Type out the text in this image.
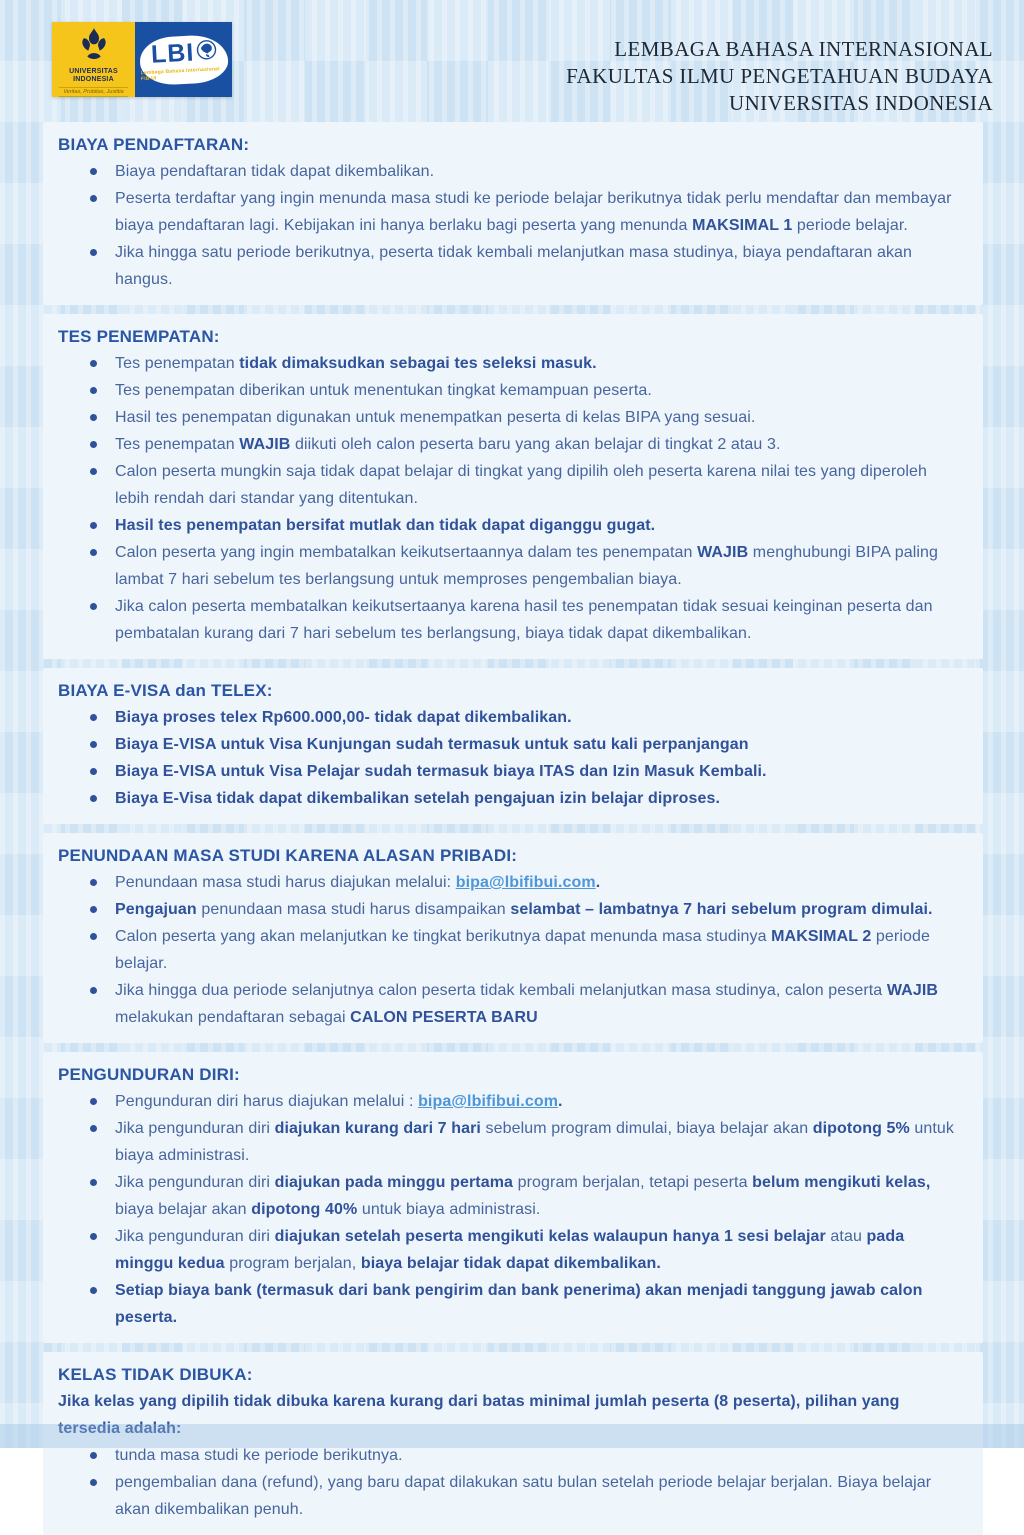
UNIVERSITAS INDONESIA
Veritas, Probitas, Justitia
LBI
Lembaga Bahasa Internasional FIB UI
LEMBAGA BAHASA INTERNASIONAL
FAKULTAS ILMU PENGETAHUAN BUDAYA
UNIVERSITAS INDONESIA
BIAYA PENDAFTARAN:
Biaya pendaftaran tidak dapat dikembalikan.
Peserta terdaftar yang ingin menunda masa studi ke periode belajar berikutnya tidak perlu mendaftar dan membayar biaya pendaftaran lagi. Kebijakan ini hanya berlaku bagi peserta yang menunda MAKSIMAL 1 periode belajar.
Jika hingga satu periode berikutnya, peserta tidak kembali melanjutkan masa studinya, biaya pendaftaran akan hangus.
TES PENEMPATAN:
Tes penempatan tidak dimaksudkan sebagai tes seleksi masuk.
Tes penempatan diberikan untuk menentukan tingkat kemampuan peserta.
Hasil tes penempatan digunakan untuk menempatkan peserta di kelas BIPA yang sesuai.
Tes penempatan WAJIB diikuti oleh calon peserta baru yang akan belajar di tingkat 2 atau 3.
Calon peserta mungkin saja tidak dapat belajar di tingkat yang dipilih oleh peserta karena nilai tes yang diperoleh lebih rendah dari standar yang ditentukan.
Hasil tes penempatan bersifat mutlak dan tidak dapat diganggu gugat.
Calon peserta yang ingin membatalkan keikutsertaannya dalam tes penempatan WAJIB menghubungi BIPA paling lambat 7 hari sebelum tes berlangsung untuk memproses pengembalian biaya.
Jika calon peserta membatalkan keikutsertaanya karena hasil tes penempatan tidak sesuai keinginan peserta dan pembatalan kurang dari 7 hari sebelum tes berlangsung, biaya tidak dapat dikembalikan.
BIAYA E-VISA dan TELEX:
Biaya proses telex Rp600.000,00- tidak dapat dikembalikan.
Biaya E-VISA untuk Visa Kunjungan sudah termasuk untuk satu kali perpanjangan
Biaya E-VISA untuk Visa Pelajar sudah termasuk biaya ITAS dan Izin Masuk Kembali.
Biaya E-Visa tidak dapat dikembalikan setelah pengajuan izin belajar diproses.
PENUNDAAN MASA STUDI KARENA ALASAN PRIBADI:
Penundaan masa studi harus diajukan melalui: bipa@lbifibui.com.
Pengajuan penundaan masa studi harus disampaikan selambat – lambatnya 7 hari sebelum program dimulai.
Calon peserta yang akan melanjutkan ke tingkat berikutnya dapat menunda masa studinya MAKSIMAL 2 periode belajar.
Jika hingga dua periode selanjutnya calon peserta tidak kembali melanjutkan masa studinya, calon peserta WAJIB melakukan pendaftaran sebagai CALON PESERTA BARU
PENGUNDURAN DIRI:
Pengunduran diri harus diajukan melalui : bipa@lbifibui.com.
Jika pengunduran diri diajukan kurang dari 7 hari sebelum program dimulai, biaya belajar akan dipotong 5% untuk biaya administrasi.
Jika pengunduran diri diajukan pada minggu pertama program berjalan, tetapi peserta belum mengikuti kelas, biaya belajar akan dipotong 40% untuk biaya administrasi.
Jika pengunduran diri diajukan setelah peserta mengikuti kelas walaupun hanya 1 sesi belajar atau pada minggu kedua program berjalan, biaya belajar tidak dapat dikembalikan.
Setiap biaya bank (termasuk dari bank pengirim dan bank penerima) akan menjadi tanggung jawab calon peserta.
KELAS TIDAK DIBUKA:

Jika kelas yang dipilih tidak dibuka karena kurang dari batas minimal jumlah peserta (8 peserta), pilihan yang tersedia adalah:

tunda masa studi ke periode berikutnya.
pengembalian dana (refund), yang baru dapat dilakukan satu bulan setelah periode belajar berjalan. Biaya belajar akan dikembalikan penuh.
